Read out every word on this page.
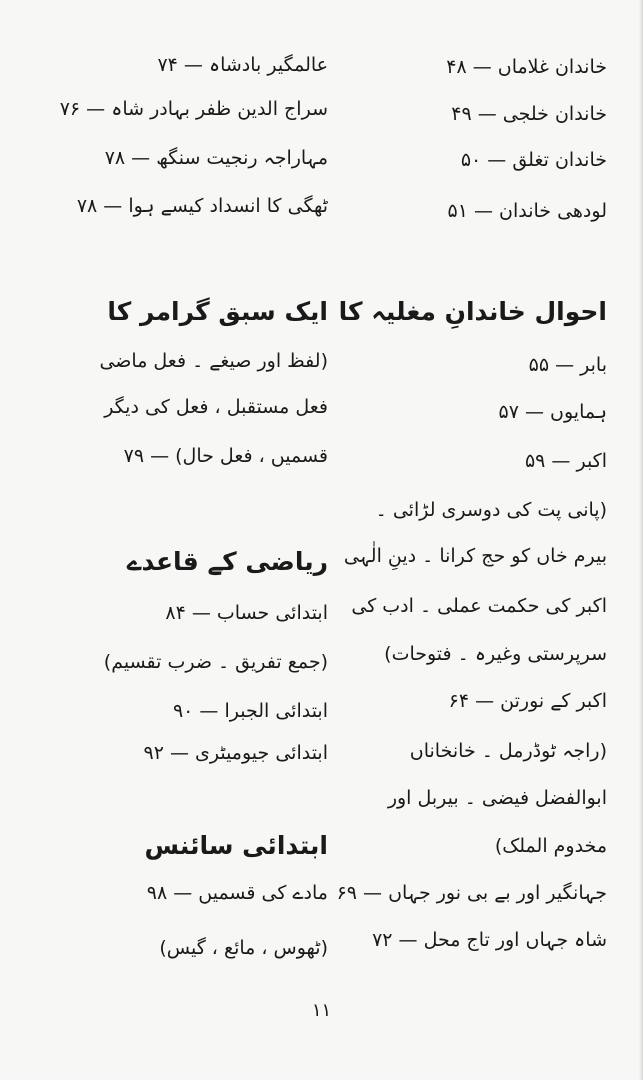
خاندان غلاماں — ۴۸
خاندان خلجی — ۴۹
خاندان تغلق — ۵۰
لودھی خاندان — ۵۱
احوال خاندانِ مغلیہ کا
بابر — ۵۵
ہمایوں — ۵۷
اکبر — ۵۹
(پانی پت کی دوسری لڑائی ۔
بیرم خاں کو حج کرانا ۔ دینِ الٰہی
اکبر کی حکمت عملی ۔ ادب کی
سرپرستی وغیرہ ۔ فتوحات)
اکبر کے نورتن — ۶۴
(راجہ ٹوڈرمل ۔ خانخاناں
ابوالفضل فیضی ۔ بیربل اور
مخدوم الملک)
جہانگیر اور بے بی نور جہاں — ۶۹
شاہ جہاں اور تاج محل — ۷۲
عالمگیر بادشاہ — ۷۴
سراج الدین ظفر بہادر شاہ — ۷۶
مہاراجہ رنجیت سنگھ — ۷۸
ٹھگی کا انسداد کیسے ہوا — ۷۸
ایک سبق گرامر کا
(لفظ اور صیغے ۔ فعل ماضی
فعل مستقبل ، فعل کی دیگر
قسمیں ، فعل حال) — ۷۹
ریاضی کے قاعدے
ابتدائی حساب — ۸۴
(جمع تفریق ۔ ضرب تقسیم)
ابتدائی الجبرا — ۹۰
ابتدائی جیومیٹری — ۹۲
ابتدائی سائنس
مادے کی قسمیں — ۹۸
(ٹھوس ، مائع ، گیس)
۱۱
